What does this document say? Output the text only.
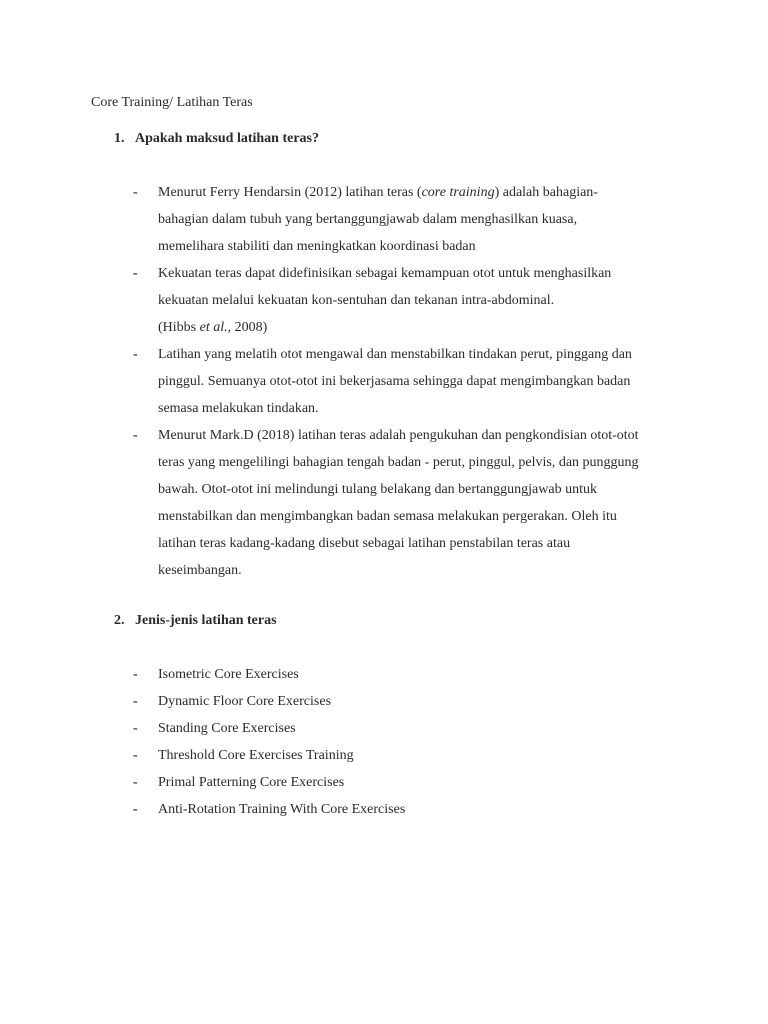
Core Training/ Latihan Teras
1. Apakah maksud latihan teras?
- Menurut Ferry Hendarsin (2012) latihan teras (core training) adalah bahagian-
bahagian dalam tubuh yang bertanggungjawab dalam menghasilkan kuasa,
memelihara stabiliti dan meningkatkan koordinasi badan
- Kekuatan teras dapat didefinisikan sebagai kemampuan otot untuk menghasilkan
kekuatan melalui kekuatan kon-sentuhan dan tekanan intra-abdominal.
(Hibbs et al., 2008)
- Latihan yang melatih otot mengawal dan menstabilkan tindakan perut, pinggang dan
pinggul. Semuanya otot-otot ini bekerjasama sehingga dapat mengimbangkan badan
semasa melakukan tindakan.
- Menurut Mark.D (2018) latihan teras adalah pengukuhan dan pengkondisian otot-otot
teras yang mengelilingi bahagian tengah badan - perut, pinggul, pelvis, dan punggung
bawah. Otot-otot ini melindungi tulang belakang dan bertanggungjawab untuk
menstabilkan dan mengimbangkan badan semasa melakukan pergerakan. Oleh itu
latihan teras kadang-kadang disebut sebagai latihan penstabilan teras atau
keseimbangan.
2. Jenis-jenis latihan teras
- Isometric Core Exercises
- Dynamic Floor Core Exercises
- Standing Core Exercises
- Threshold Core Exercises Training
- Primal Patterning Core Exercises
- Anti-Rotation Training With Core Exercises
